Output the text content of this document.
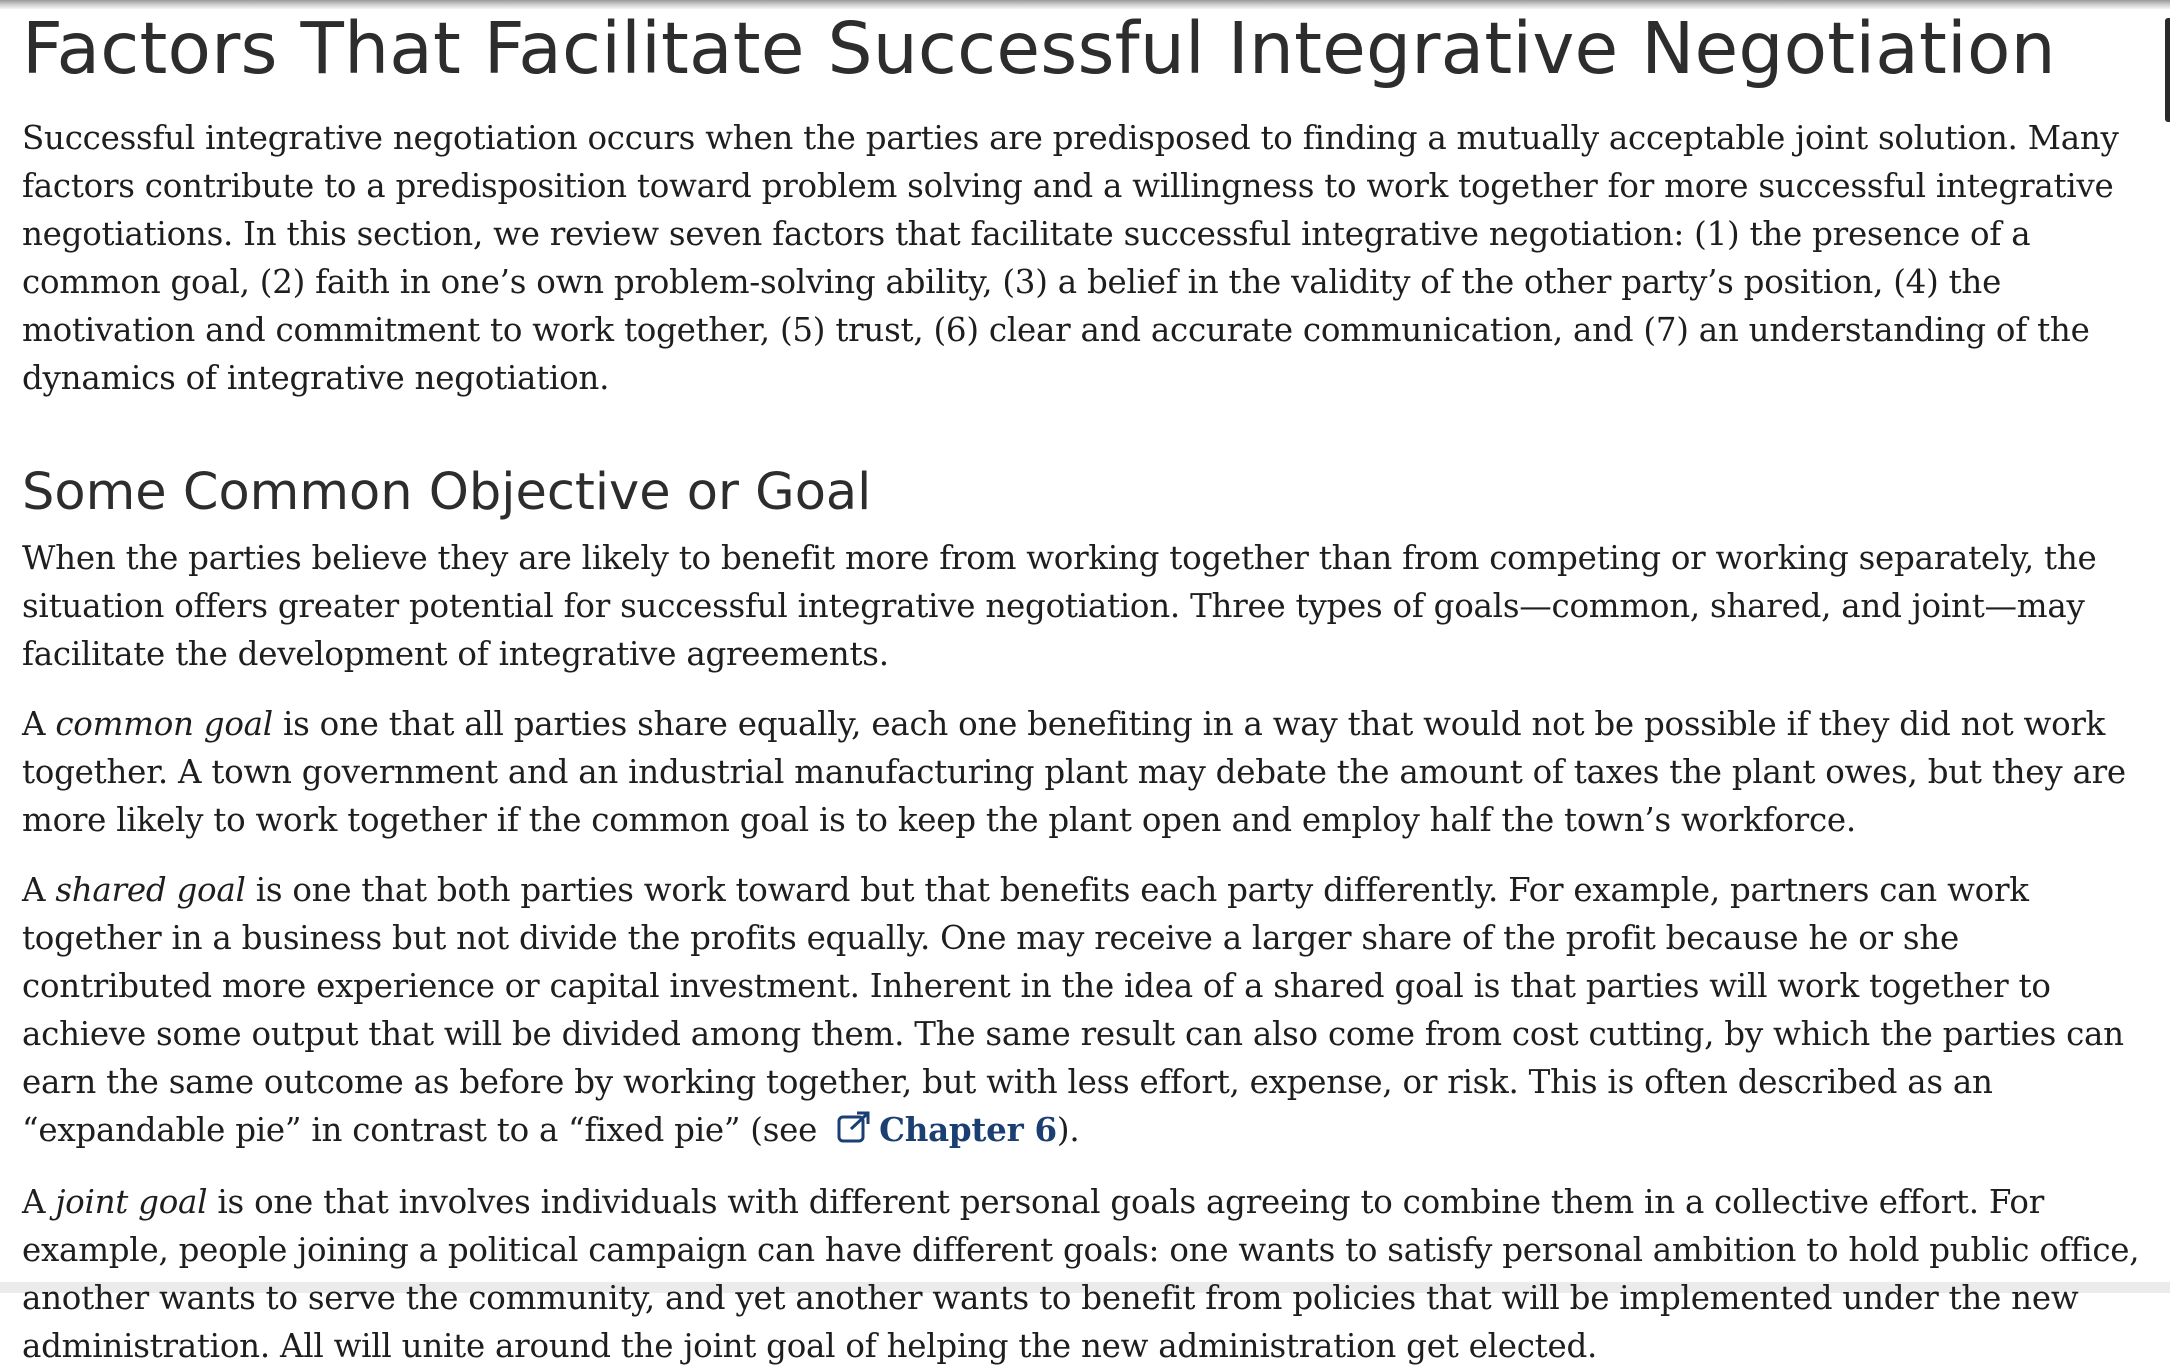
Factors That Facilitate Successful Integrative Negotiation

Successful integrative negotiation occurs when the parties are predisposed to finding a mutually acceptable joint solution. Many factors contribute to a predisposition toward problem solving and a willingness to work together for more successful integrative negotiations. In this section, we review seven factors that facilitate successful integrative negotiation: (1) the presence of a common goal, (2) faith in one’s own problem-solving ability, (3) a belief in the validity of the other party’s position, (4) the motivation and commitment to work together, (5) trust, (6) clear and accurate communication, and (7) an understanding of the dynamics of integrative negotiation.

Some Common Objective or Goal

When the parties believe they are likely to benefit more from working together than from competing or working separately, the situation offers greater potential for successful integrative negotiation. Three types of goals—common, shared, and joint—may facilitate the development of integrative agreements.

A common goal is one that all parties share equally, each one benefiting in a way that would not be possible if they did not work together. A town government and an industrial manufacturing plant may debate the amount of taxes the plant owes, but they are more likely to work together if the common goal is to keep the plant open and employ half the town’s workforce.

A shared goal is one that both parties work toward but that benefits each party differently. For example, partners can work together in a business but not divide the profits equally. One may receive a larger share of the profit because he or she contributed more experience or capital investment. Inherent in the idea of a shared goal is that parties will work together to achieve some output that will be divided among them. The same result can also come from cost cutting, by which the parties can earn the same outcome as before by working together, but with less effort, expense, or risk. This is often described as an “expandable pie” in contrast to a “fixed pie” (see Chapter 6).

A joint goal is one that involves individuals with different personal goals agreeing to combine them in a collective effort. For example, people joining a political campaign can have different goals: one wants to satisfy personal ambition to hold public office, another wants to serve the community, and yet another wants to benefit from policies that will be implemented under the new administration. All will unite around the joint goal of helping the new administration get elected.
